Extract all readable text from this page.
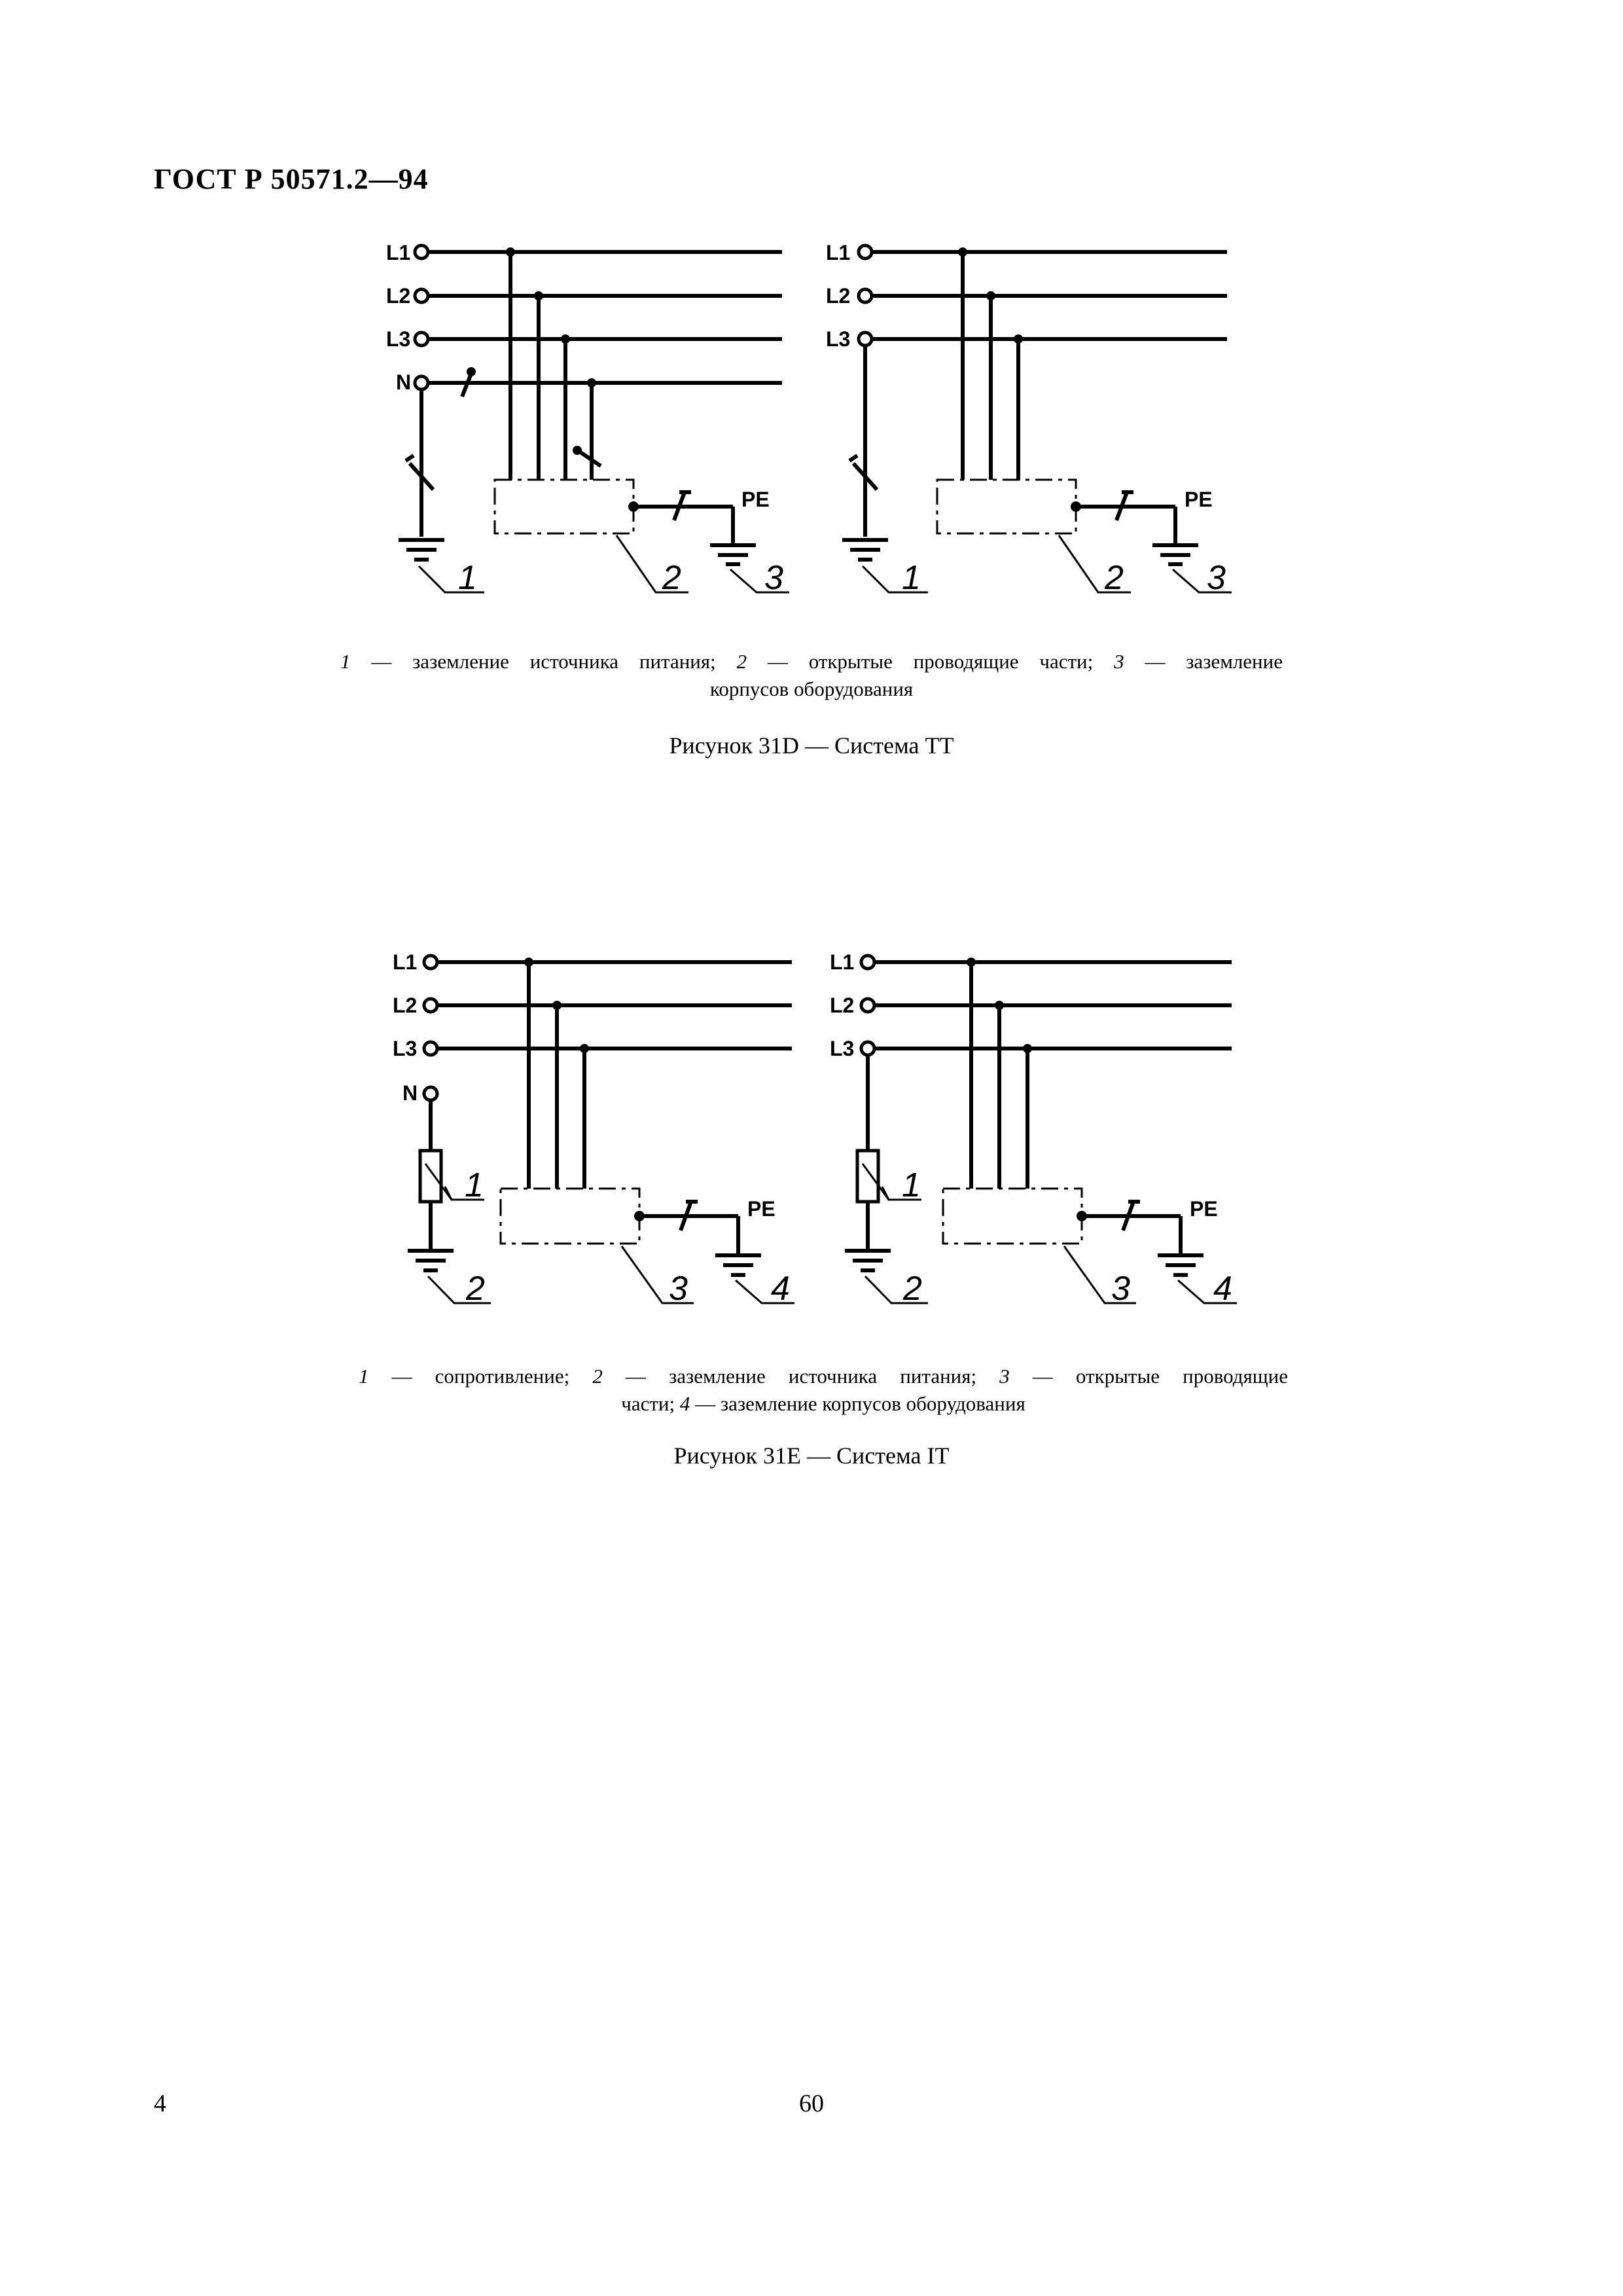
ГОСТ Р 50571.2—94
L1
L2
L3
N
PE
1	2 3
L1
L2
L3
PE
1	2 3
1 — заземление источника питания; 2 — открытые проводящие части; 3 — заземление
корпусов оборудования
Рисунок 31D — Система TT
L1
L2
L3
N
PE
1
2	3 4
L1
L2
L3
PE
1
2	3 4
1 — сопротивление; 2 — заземление источника питания; 3 — открытые проводящие
части; 4 — заземление корпусов оборудования
Рисунок 31E — Система IT
4	60
